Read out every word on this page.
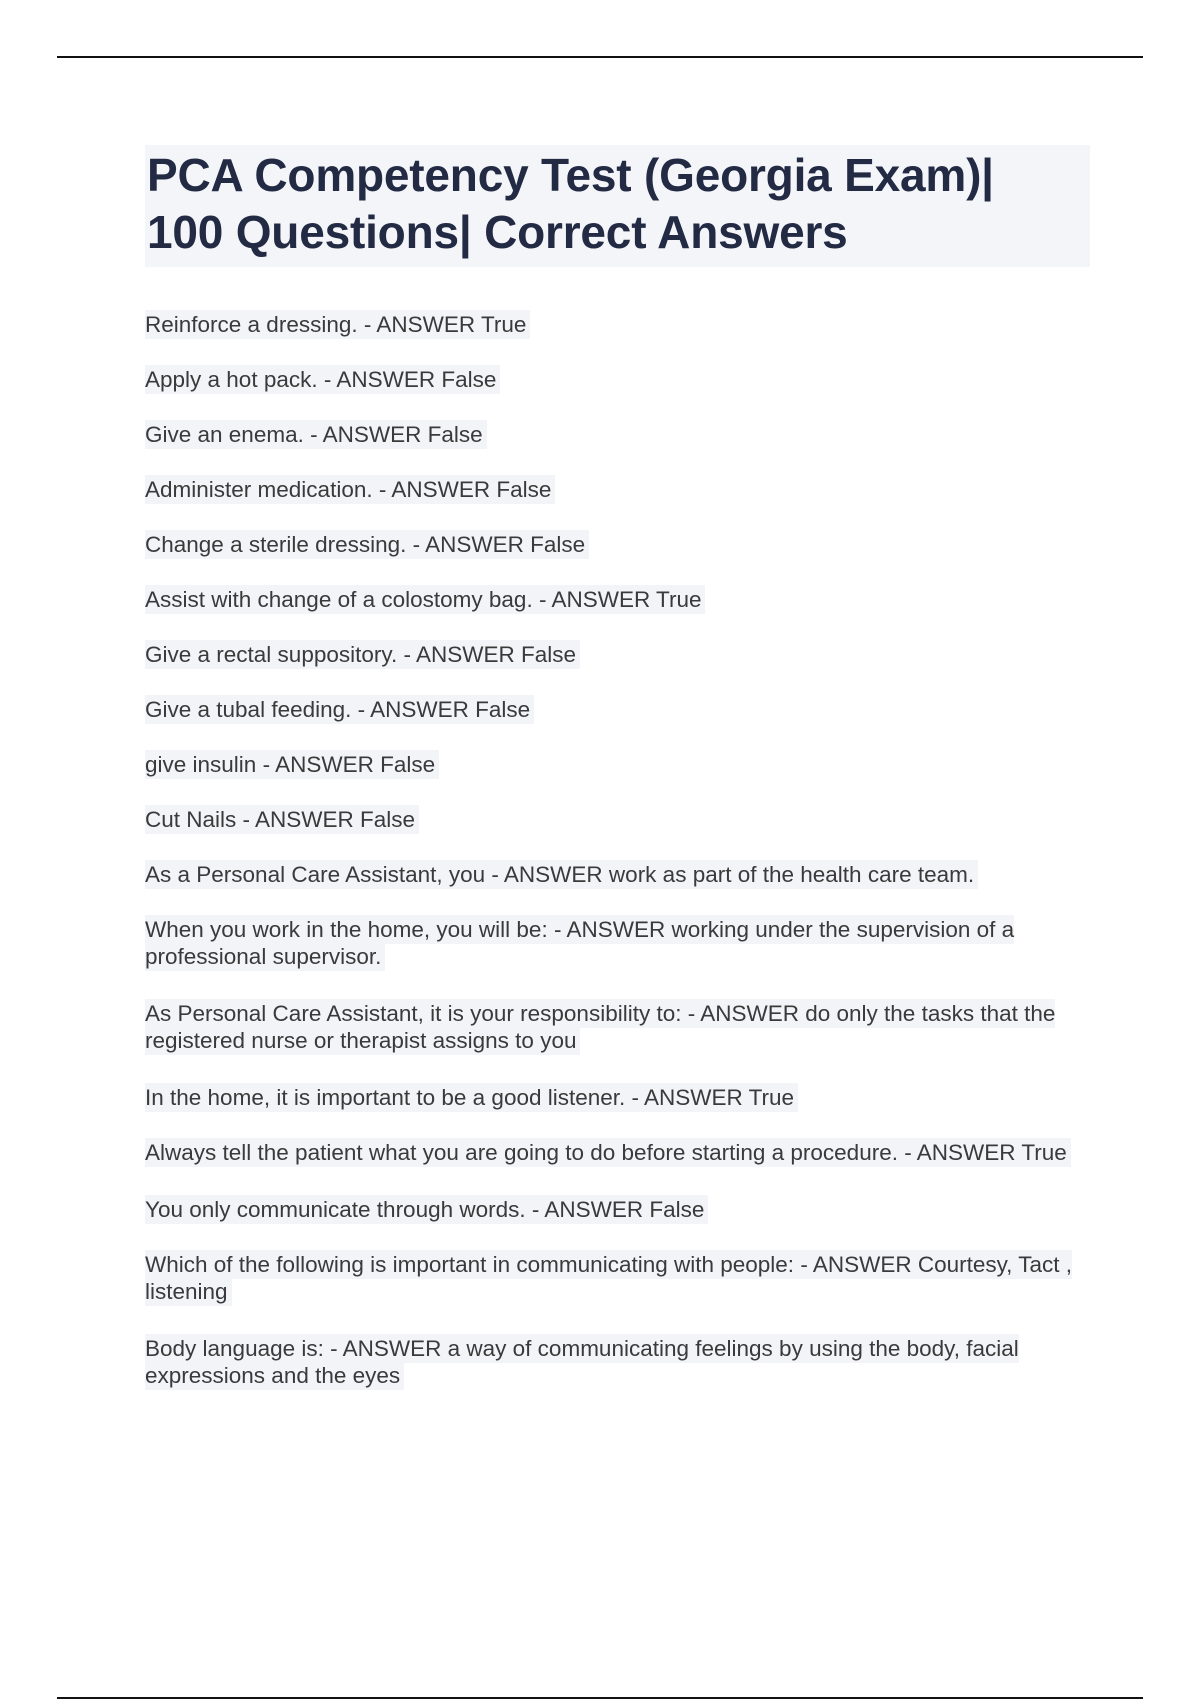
PCA Competency Test (Georgia Exam)|
100 Questions| Correct Answers
Reinforce a dressing. - ANSWER True
Apply a hot pack. - ANSWER False
Give an enema. - ANSWER False
Administer medication. - ANSWER False
Change a sterile dressing. - ANSWER False
Assist with change of a colostomy bag. - ANSWER True
Give a rectal suppository. - ANSWER False
Give a tubal feeding. - ANSWER False
give insulin - ANSWER False
Cut Nails - ANSWER False
As a Personal Care Assistant, you - ANSWER work as part of the health care team.
When you work in the home, you will be: - ANSWER working under the supervision of a professional supervisor.
As Personal Care Assistant, it is your responsibility to: - ANSWER do only the tasks that the registered nurse or therapist assigns to you
In the home, it is important to be a good listener. - ANSWER True
Always tell the patient what you are going to do before starting a procedure. - ANSWER True
You only communicate through words. - ANSWER False
Which of the following is important in communicating with people: - ANSWER Courtesy, Tact , listening
Body language is: - ANSWER a way of communicating feelings by using the body, facial expressions and the eyes
